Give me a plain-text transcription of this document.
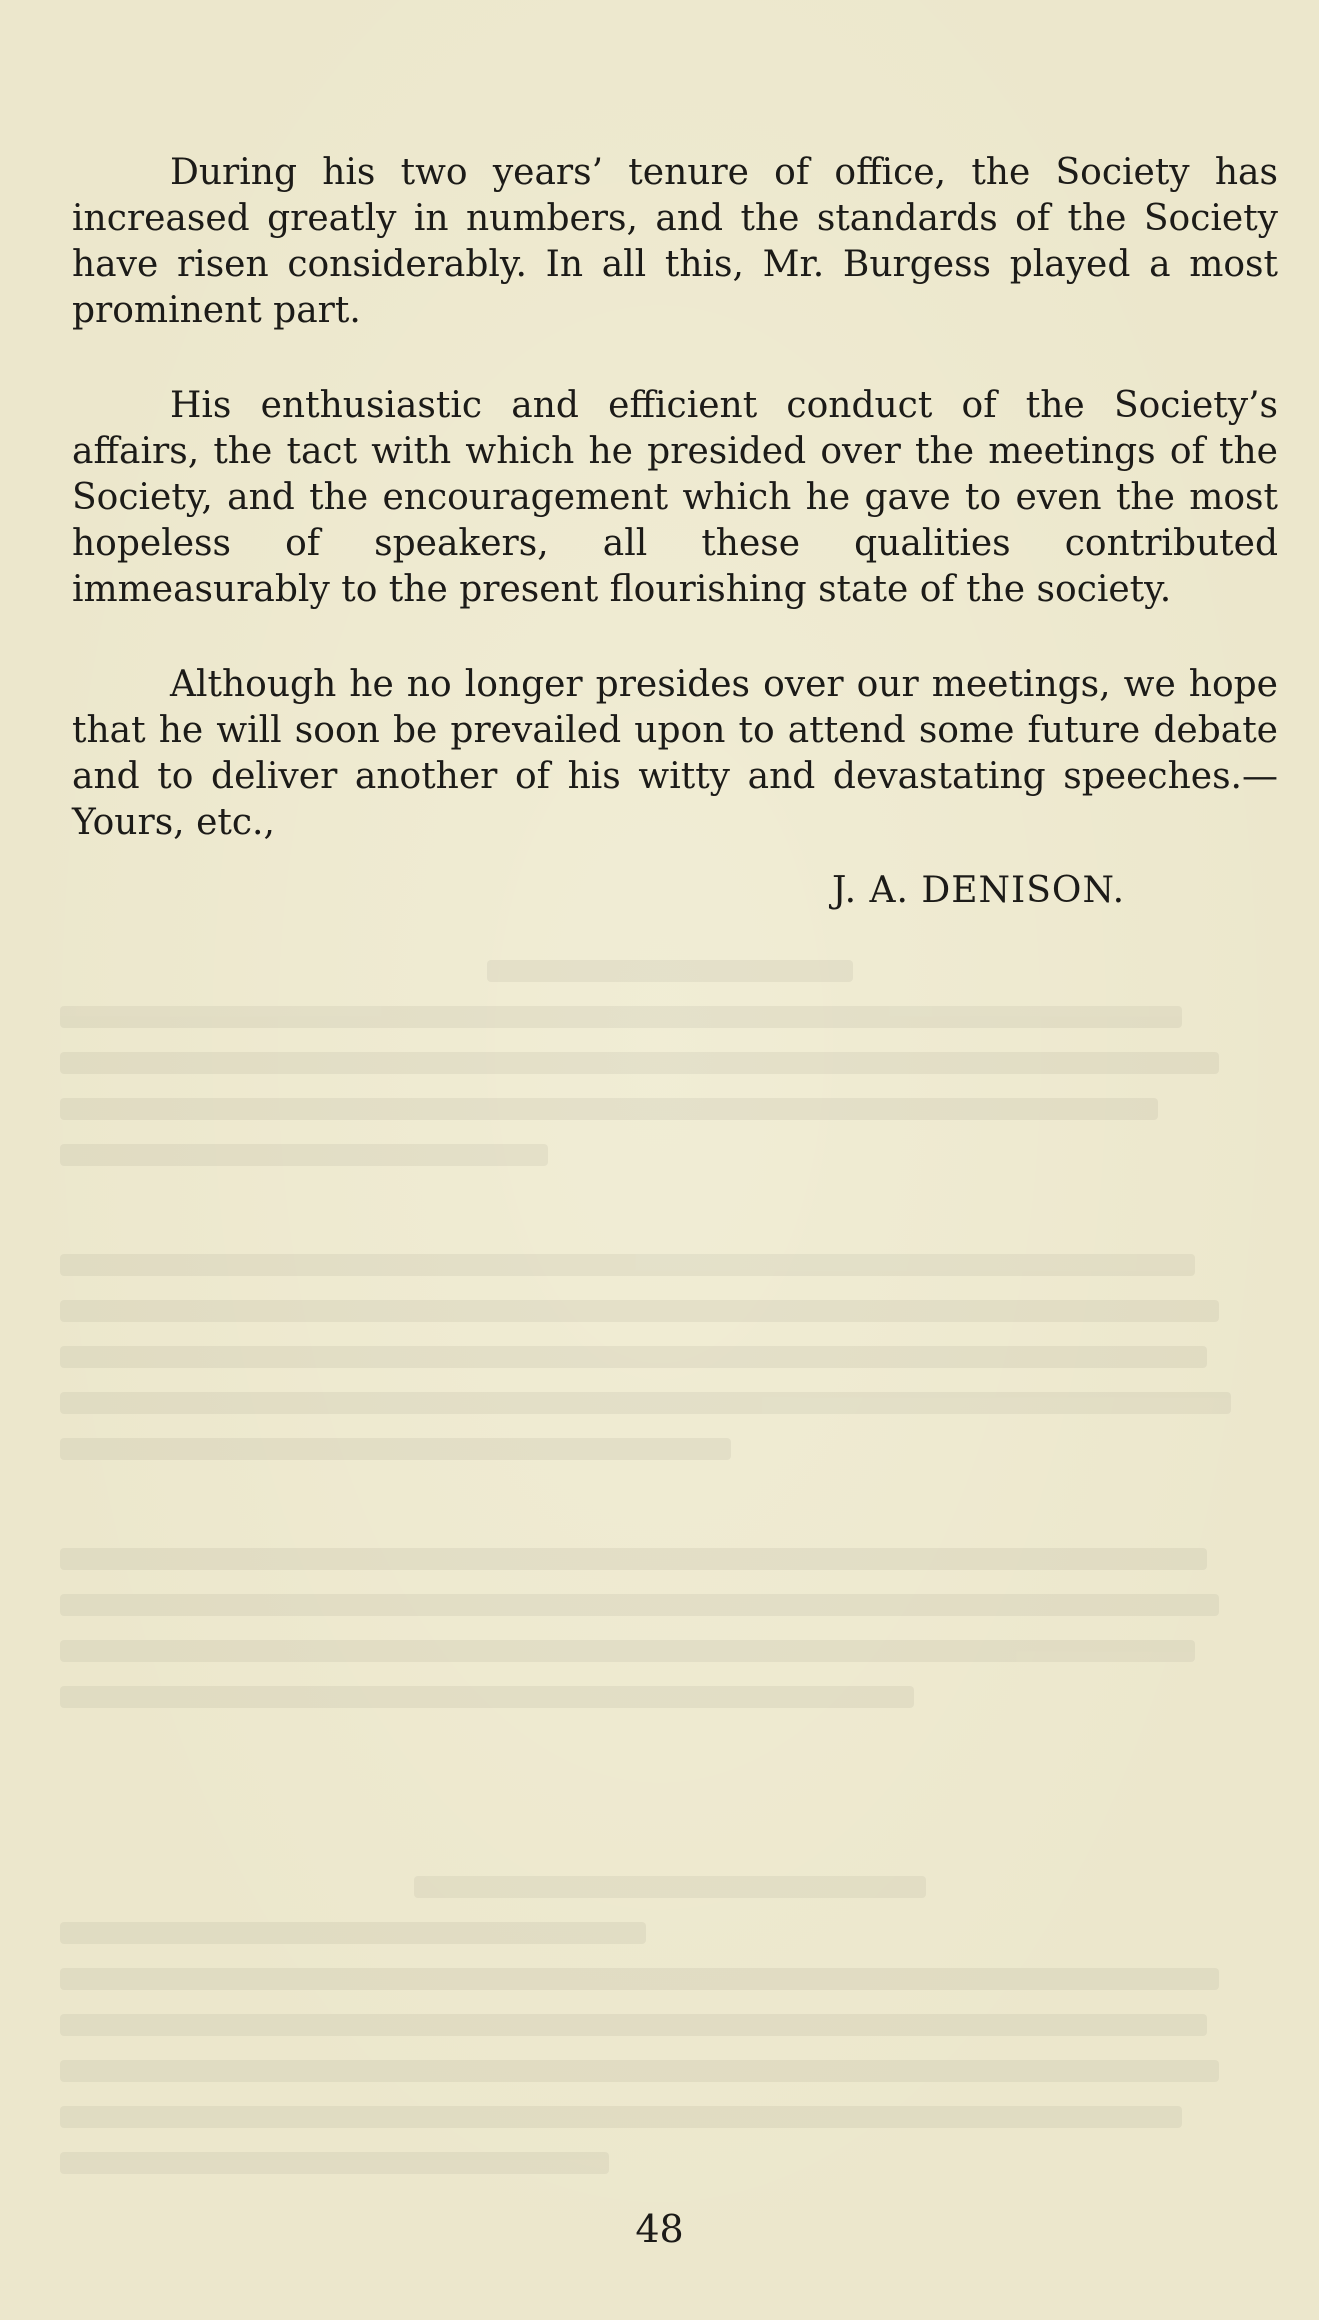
During his two years’ tenure of office, the Society has increased greatly in numbers, and the standards of the Society have risen considerably. In all this, Mr. Burgess played a most prominent part.

His enthusiastic and efficient conduct of the Society’s affairs, the tact with which he presided over the meetings of the Society, and the encouragement which he gave to even the most hopeless of speakers, all these qualities contributed immeasurably to the present flourishing state of the society.

Although he no longer presides over our meetings, we hope that he will soon be prevailed upon to attend some future debate and to deliver another of his witty and devastating speeches.—Yours, etc.,

J. A. DENISON.
48
